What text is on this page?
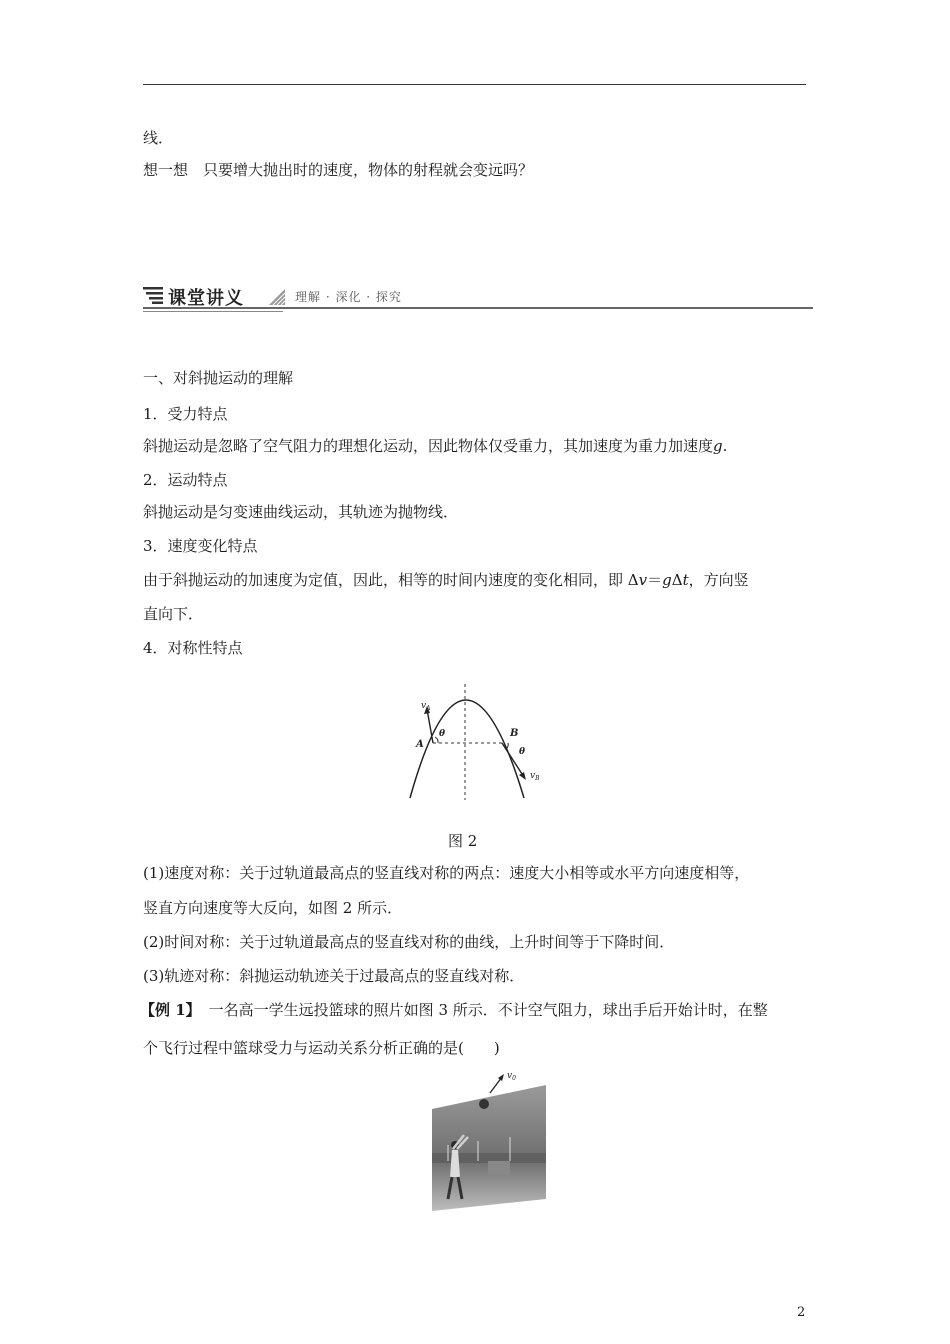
线．
想一想　只要增大抛出时的速度，物体的射程就会变远吗？
课堂讲义	理解 · 深化 · 探究
一、对斜抛运动的理解
1．受力特点
斜抛运动是忽略了空气阻力的理想化运动，因此物体仅受重力，其加速度为重力加速度g.
2．运动特点
斜抛运动是匀变速曲线运动，其轨迹为抛物线．
3．速度变化特点
由于斜抛运动的加速度为定值，因此，相等的时间内速度的变化相同，即 Δv＝gΔt，方向竖
直向下．
4．对称性特点
$v_A$
A
θ	B
θ
$v_B$
图 2
(1)速度对称：关于过轨道最高点的竖直线对称的两点：速度大小相等或水平方向速度相等，
竖直方向速度等大反向，如图 2 所示．
(2)时间对称：关于过轨道最高点的竖直线对称的曲线，上升时间等于下降时间．
(3)轨迹对称：斜抛运动轨迹关于过最高点的竖直线对称．
【例 1】 一名高一学生远投篮球的照片如图 3 所示．不计空气阻力，球出手后开始计时，在整
个飞行过程中篮球受力与运动关系分析正确的是(　　)
$v_0$
2
